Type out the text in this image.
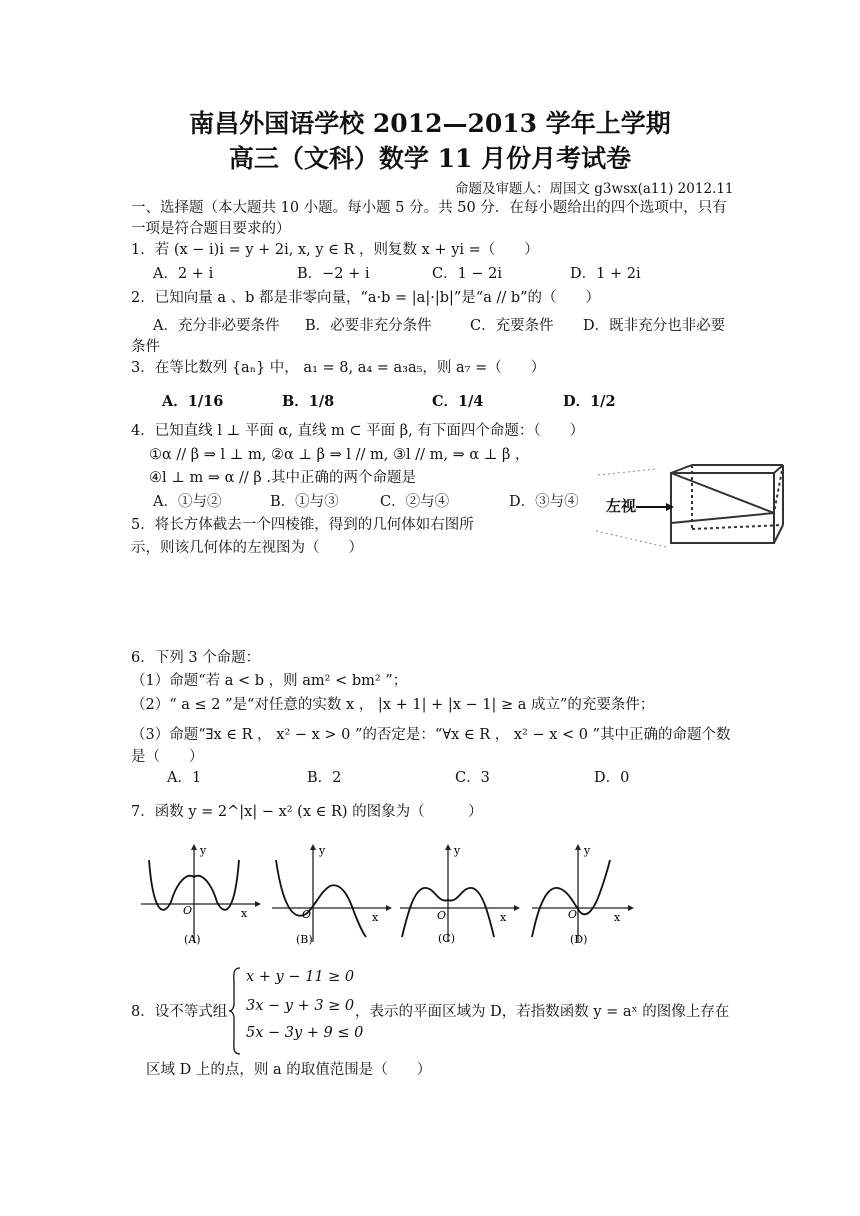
南昌外国语学校 2012—2013 学年上学期
高三（文科）数学 11 月份月考试卷
命题及审题人：周国文 g3wsx(a11) 2012.11
一、选择题（本大题共 10 小题。每小题 5 分。共 50 分．在每小题给出的四个选项中，只有
一项是符合题目要求的）
1．若 (x − i)i = y + 2i, x, y ∈ R ，则复数 x + yi =（　　）
A．2 + i	B．−2 + i	C．1 − 2i	D．1 + 2i
2．已知向量 a 、b 都是非零向量，“a·b = |a|·|b|”是“a // b”的（　　）
A．充分非必要条件 B．必要非充分条件	C．充要条件 D．既非充分也非必要
条件
3．在等比数列 {aₙ} 中， a₁ = 8, a₄ = a₃a₅，则 a₇ =（　　）
A．1/16	B．1/8	C．1/4	D．1/2
4．已知直线 l ⊥ 平面 α, 直线 m ⊂ 平面 β, 有下面四个命题：（　　）
①α // β ⇒ l ⊥ m, ②α ⊥ β ⇒ l // m, ③l // m, ⇒ α ⊥ β ，
④l ⊥ m ⇒ α // β .其中正确的两个命题是
A．①与②	B．①与③	C．②与④	D．③与④
5．将长方体截去一个四棱锥，得到的几何体如右图所
示，则该几何体的左视图为（　　）
左视
6．下列 3 个命题：
（1）命题“若 a < b ，则 am² < bm² ”；
（2）“ a ≤ 2 ”是“对任意的实数 x ， |x + 1| + |x − 1| ≥ a 成立”的充要条件；
（3）命题“∃x ∈ R ， x² − x > 0 ”的否定是：“∀x ∈ R ， x² − x < 0 ”其中正确的命题个数
是（　　）
A．1	B．2	C．3	D．0
7．函数 y = 2^|x| − x² (x ∈ R) 的图象为（　　　）
y
x
O
(A)
y
x
O
(B)
y
x
O
(C)
y
x
O
(D)
8．设不等式组
x + y − 11 ≥ 0
3x − y + 3 ≥ 0
5x − 3y + 9 ≤ 0
，表示的平面区域为 D，若指数函数 y = aˣ 的图像上存在
区域 D 上的点，则 a 的取值范围是（　　）
